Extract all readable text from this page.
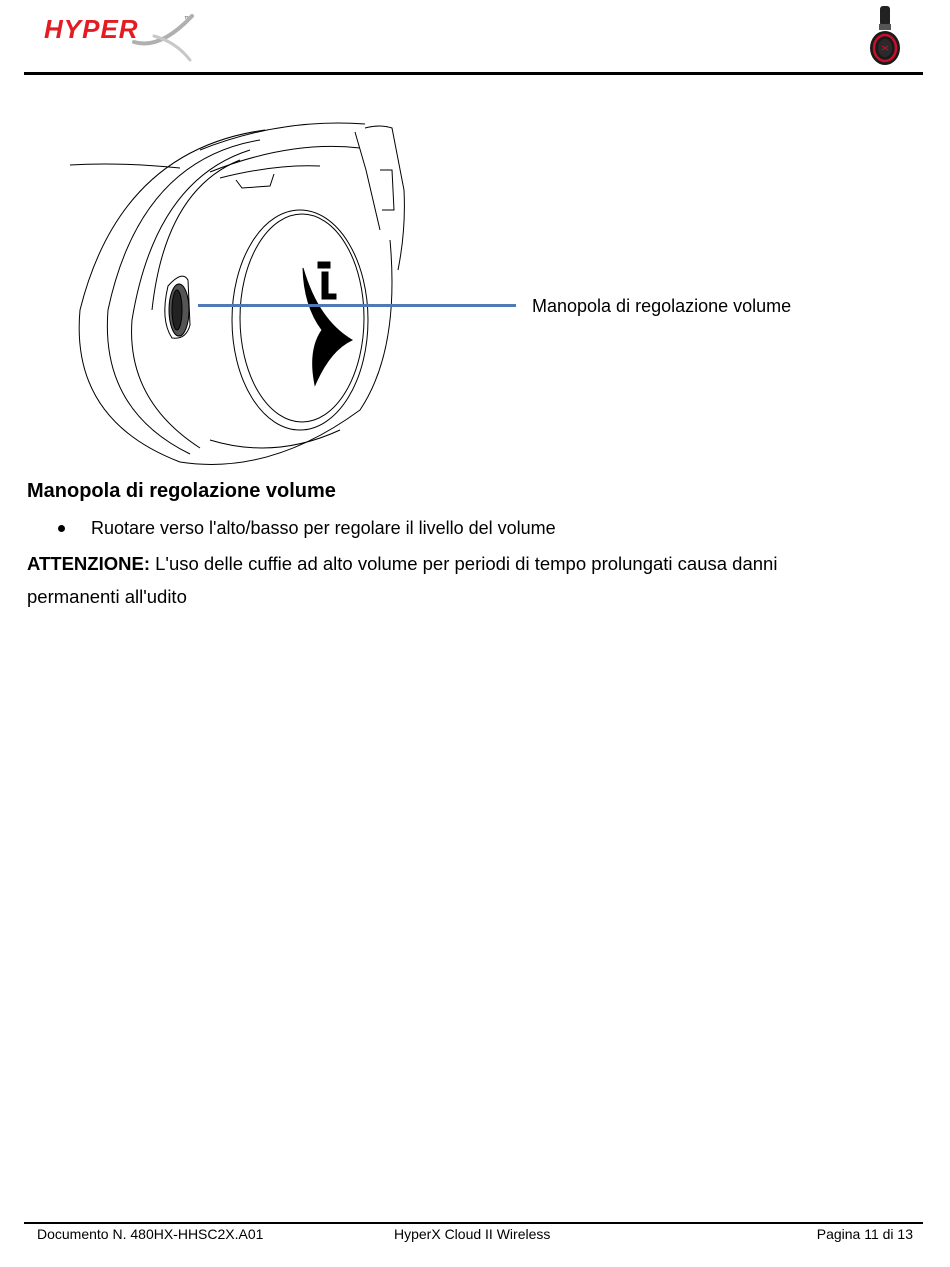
HYPER	™
Manopola di regolazione volume
Manopola di regolazione volume
Ruotare verso l'alto/basso per regolare il livello del volume
ATTENZIONE: L'uso delle cuffie ad alto volume per periodi di tempo prolungati causa danni permanenti all'udito
Documento N. 480HX-HHSC2X.A01	HyperX Cloud II Wireless	Pagina 11 di 13
